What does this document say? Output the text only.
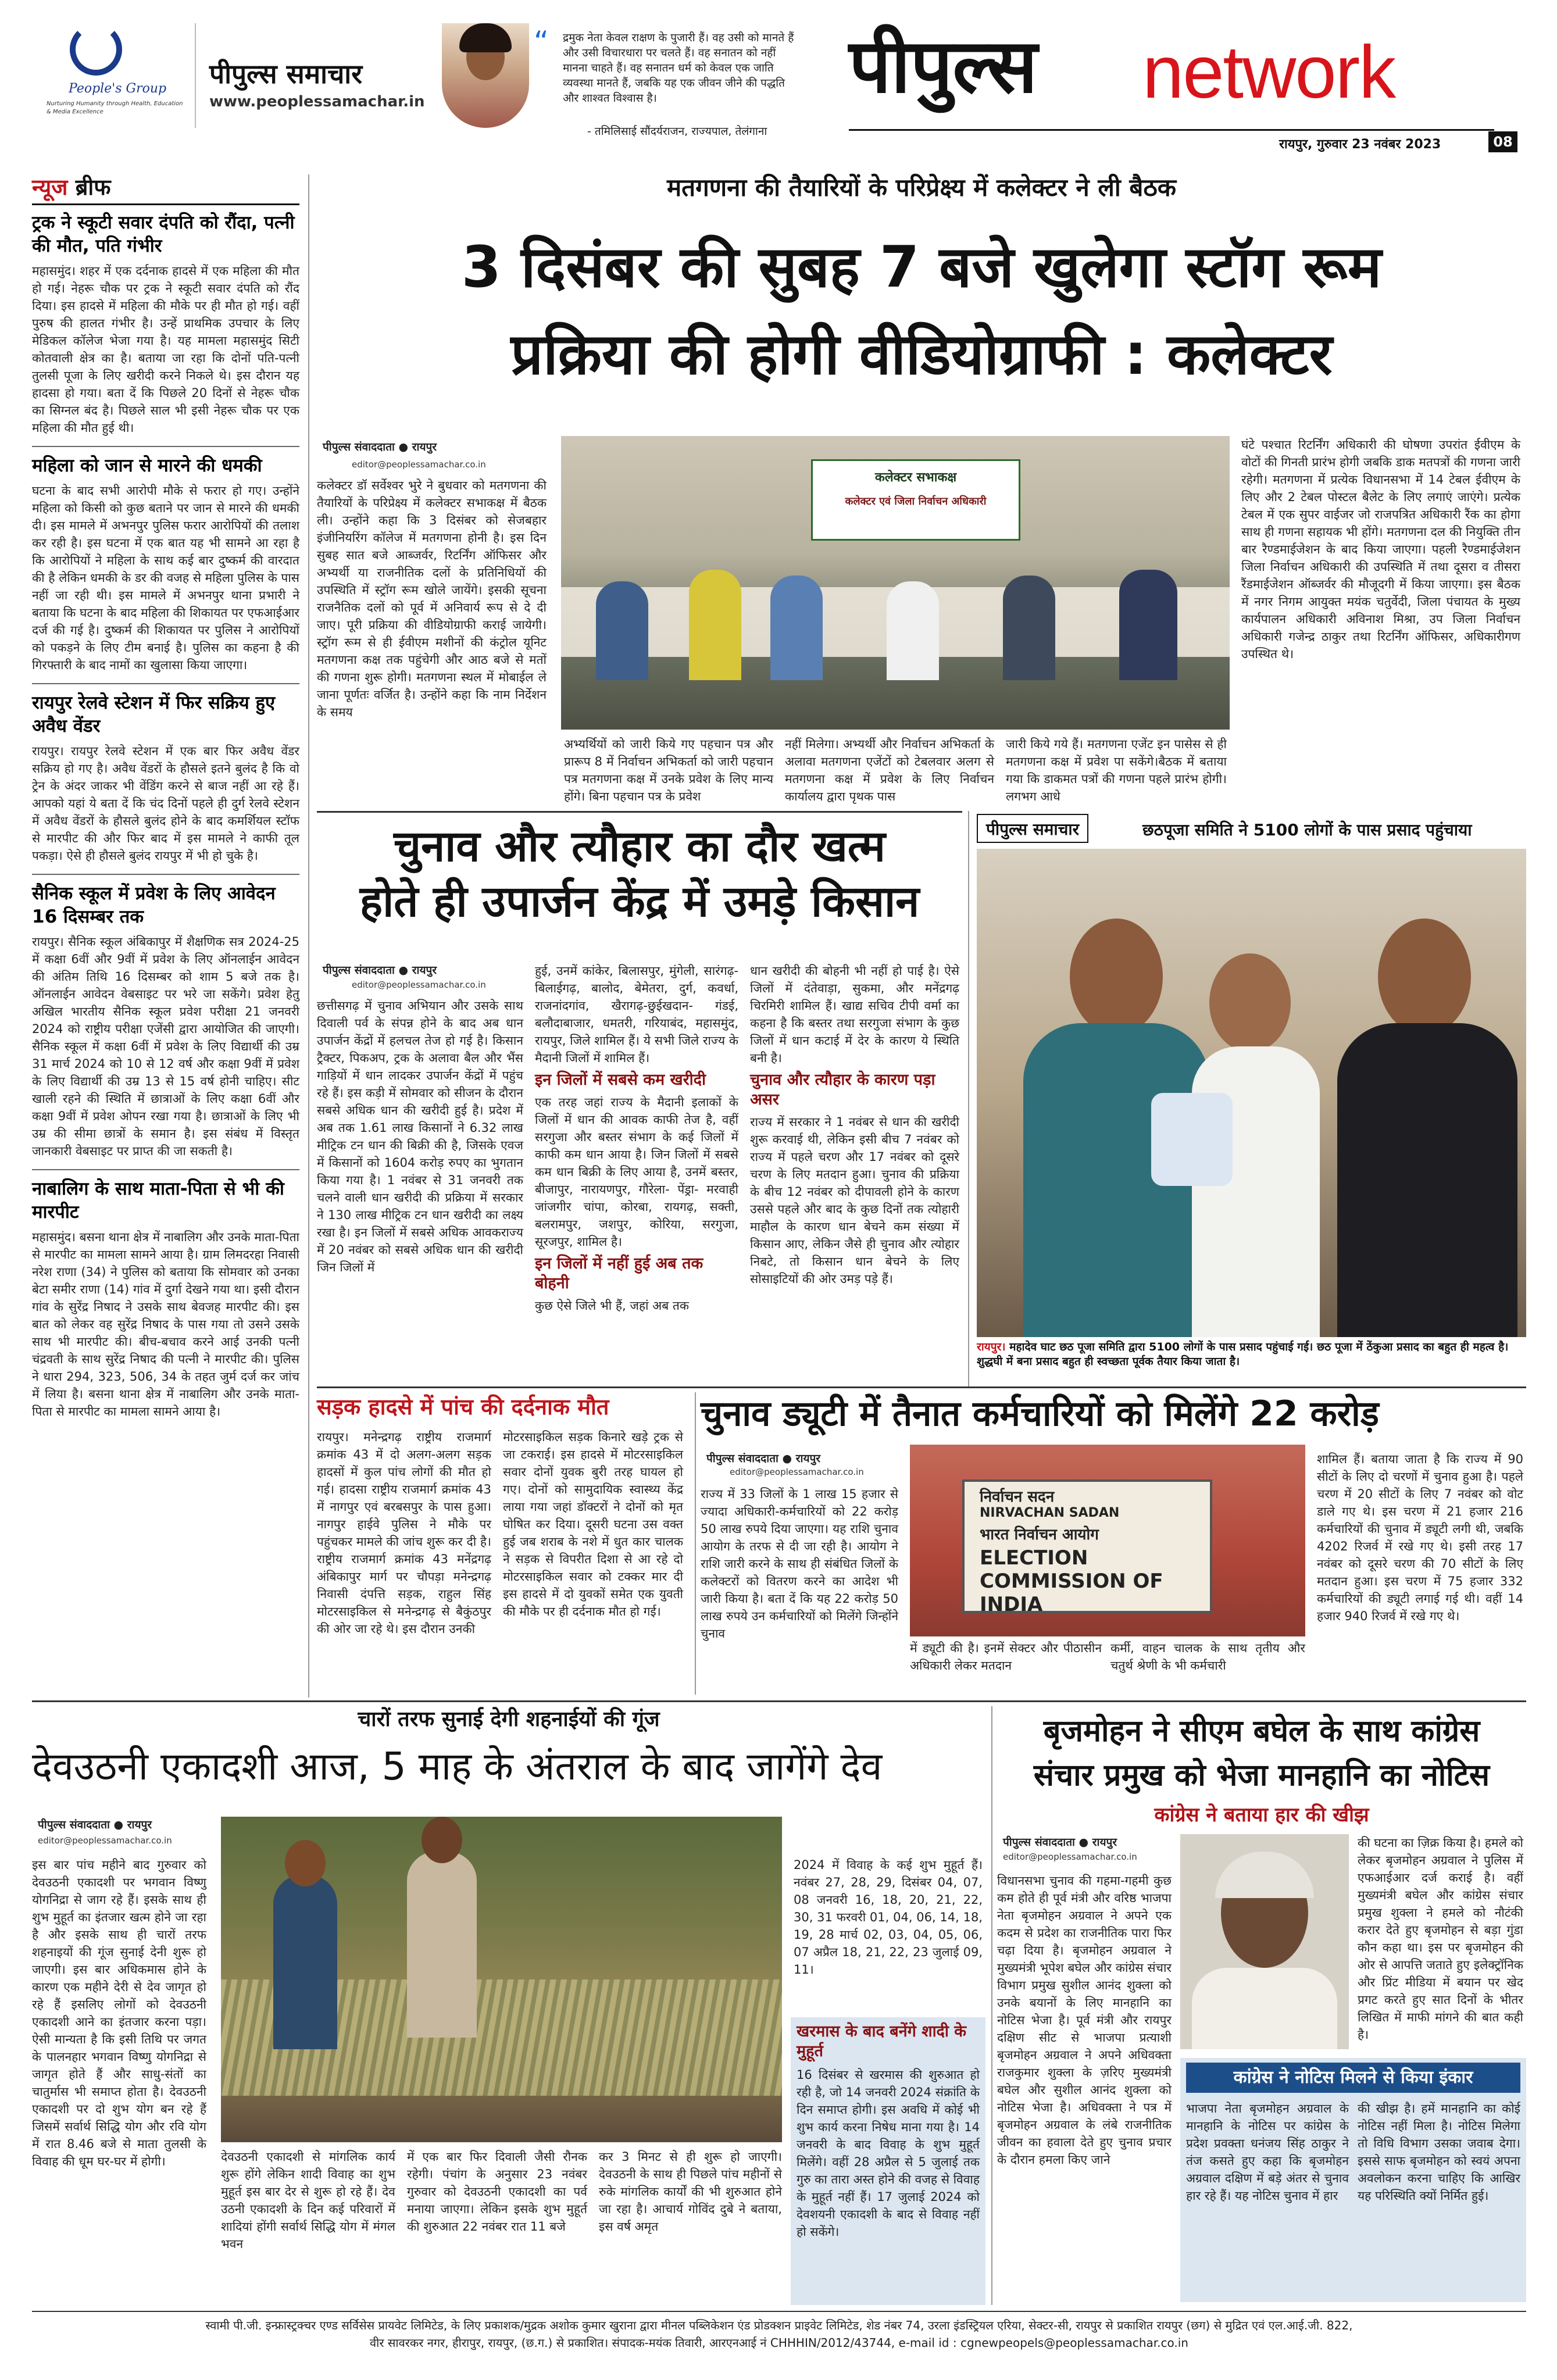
People's Group
Nurturing Humanity through Health, Education & Media Excellence
पीपुल्स समाचार
www.peoplessamachar.in
“ द्रमुक नेता केवल राक्षण के पुजारी हैं। वह उसी को मानते हैं और उसी विचारधारा पर चलते हैं। वह सनातन को नहीं मानना चाहते हैं। वह सनातन धर्म को केवल एक जाति व्यवस्था मानते हैं, जबकि यह एक जीवन जीने की पद्धति और शाश्वत विश्वास है।
- तमिलिसाई सौंदर्यराजन, राज्यपाल, तेलंगाना
पीपुल्स network
रायपुर, गुरुवार 23 नवंबर 2023	08
न्यूज ब्रीफ
ट्रक ने स्कूटी सवार दंपति को रौंदा, पत्नी की मौत, पति गंभीर
महासमुंद। शहर में एक दर्दनाक हादसे में एक महिला की मौत हो गई। नेहरू चौक पर ट्रक ने स्कूटी सवार दंपति को रौंद दिया। इस हादसे में महिला की मौके पर ही मौत हो गई। वहीं पुरुष की हालत गंभीर है। उन्हें प्राथमिक उपचार के लिए मेडिकल कॉलेज भेजा गया है। यह मामला महासमुंद सिटी कोतवाली क्षेत्र का है। बताया जा रहा कि दोनों पति-पत्नी तुलसी पूजा के लिए खरीदी करने निकले थे। इस दौरान यह हादसा हो गया। बता दें कि पिछले 20 दिनों से नेहरू चौक का सिग्नल बंद है। पिछले साल भी इसी नेहरू चौक पर एक महिला की मौत हुई थी।
महिला को जान से मारने की धमकी
घटना के बाद सभी आरोपी मौके से फरार हो गए। उन्होंने महिला को किसी को कुछ बताने पर जान से मारने की धमकी दी। इस मामले में अभनपुर पुलिस फरार आरोपियों की तलाश कर रही है। इस घटना में एक बात यह भी सामने आ रहा है कि आरोपियों ने महिला के साथ कई बार दुष्कर्म की वारदात की है लेकिन धमकी के डर की वजह से महिला पुलिस के पास नहीं जा रही थी। इस मामले में अभनपुर थाना प्रभारी ने बताया कि घटना के बाद महिला की शिकायत पर एफआईआर दर्ज की गई है। दुष्कर्म की शिकायत पर पुलिस ने आरोपियों को पकड़ने के लिए टीम बनाई है। पुलिस का कहना है की गिरफ्तारी के बाद नामों का खुलासा किया जाएगा।
रायपुर रेलवे स्टेशन में फिर सक्रिय हुए अवैध वेंडर
रायपुर। रायपुर रेलवे स्टेशन में एक बार फिर अवैध वेंडर सक्रिय हो गए है। अवैध वेंडरों के हौसले इतने बुलंद है कि वो ट्रेन के अंदर जाकर भी वेंडिंग करने से बाज नहीं आ रहे हैं। आपको यहां ये बता दें कि चंद दिनों पहले ही दुर्ग रेलवे स्टेशन में अवैध वेंडरों के हौसले बुलंद होने के बाद कमर्शियल स्टॉफ से मारपीट की और फिर बाद में इस मामले ने काफी तूल पकड़ा। ऐसे ही हौसले बुलंद रायपुर में भी हो चुके है।
सैनिक स्कूल में प्रवेश के लिए आवेदन 16 दिसम्बर तक
रायपुर। सैनिक स्कूल अंबिकापुर में शैक्षणिक सत्र 2024-25 में कक्षा 6वीं और 9वीं में प्रवेश के लिए ऑनलाईन आवेदन की अंतिम तिथि 16 दिसम्बर को शाम 5 बजे तक है। ऑनलाईन आवेदन वेबसाइट पर भरे जा सकेंगे। प्रवेश हेतु अखिल भारतीय सैनिक स्कूल प्रवेश परीक्षा 21 जनवरी 2024 को राष्ट्रीय परीक्षा एजेंसी द्वारा आयोजित की जाएगी। सैनिक स्कूल में कक्षा 6वीं में प्रवेश के लिए विद्यार्थी की उम्र 31 मार्च 2024 को 10 से 12 वर्ष और कक्षा 9वीं में प्रवेश के लिए विद्यार्थी की उम्र 13 से 15 वर्ष होनी चाहिए। सीट खाली रहने की स्थिति में छात्राओं के लिए कक्षा 6वीं और कक्षा 9वीं में प्रवेश ओपन रखा गया है। छात्राओं के लिए भी उम्र की सीमा छात्रों के समान है। इस संबंध में विस्तृत जानकारी वेबसाइट पर प्राप्त की जा सकती है।
नाबालिग के साथ माता-पिता से भी की मारपीट
महासमुंद। बसना थाना क्षेत्र में नाबालिग और उनके माता-पिता से मारपीट का मामला सामने आया है। ग्राम लिमदरहा निवासी नरेश राणा (34) ने पुलिस को बताया कि सोमवार को उनका बेटा समीर राणा (14) गांव में दुर्गा देखने गया था। इसी दौरान गांव के सुरेंद्र निषाद ने उसके साथ बेवजह मारपीट की। इस बात को लेकर वह सुरेंद्र निषाद के पास गया तो उसने उसके साथ भी मारपीट की। बीच-बचाव करने आई उनकी पत्नी चंद्रवती के साथ सुरेंद्र निषाद की पत्नी ने मारपीट की। पुलिस ने धारा 294, 323, 506, 34 के तहत जुर्म दर्ज कर जांच में लिया है। बसना थाना क्षेत्र में नाबालिग और उनके माता-पिता से मारपीट का मामला सामने आया है।
मतगणना की तैयारियों के परिप्रेक्ष्य में कलेक्टर ने ली बैठक
3 दिसंबर की सुबह 7 बजे खुलेगा स्टॉग रूम
प्रक्रिया की होगी वीडियोग्राफी : कलेक्टर
पीपुल्स संवाददाता ● रायपुर
editor@peoplessamachar.co.in
कलेक्टर डॉ सर्वेश्वर भुरे ने बुधवार को मतगणना की तैयारियों के परिप्रेक्ष्य में कलेक्टर सभाकक्ष में बैठक ली। उन्होंने कहा कि 3 दिसंबर को सेजबहार इंजीनियरिंग कॉलेज में मतगणना होनी है। इस दिन सुबह सात बजे आब्जर्वर, रिटर्निंग ऑफिसर और अभ्यर्थी या राजनीतिक दलों के प्रतिनिधियों की उपस्थिति में स्ट्रॉग रूम खोले जायेंगे। इसकी सूचना राजनैतिक दलों को पूर्व में अनिवार्य रूप से दे दी जाए। पूरी प्रक्रिया की वीडियोग्राफी कराई जायेगी। स्ट्रॉग रूम से ही ईवीएम मशीनों की कंट्रोल यूनिट मतगणना कक्ष तक पहुंचेगी और आठ बजे से मतों की गणना शुरू होगी। मतगणना स्थल में मोबाईल ले जाना पूर्णतः वर्जित है। उन्होंने कहा कि नाम निर्देशन के समय
कलेक्टर सभाकक्ष
कलेक्टर एवं जिला निर्वाचन अधिकारी
अभ्यर्थियों को जारी किये गए पहचान पत्र और प्रारूप 8 में निर्वाचन अभिकर्ता को जारी पहचान पत्र मतगणना कक्ष में उनके प्रवेश के लिए मान्य होंगे। बिना पहचान पत्र के प्रवेश
नहीं मिलेगा। अभ्यर्थी और निर्वाचन अभिकर्ता के अलावा मतगणना एजेंटों को टेबलवार अलग से मतगणना कक्ष में प्रवेश के लिए निर्वाचन कार्यालय द्वारा पृथक पास
जारी किये गये हैं। मतगणना एजेंट इन पासेस से ही मतगणना कक्ष में प्रवेश पा सकेंगे।बैठक में बताया गया कि डाकमत पत्रों की गणना पहले प्रारंभ होगी। लगभग आधे
घंटे पश्चात रिटर्निंग अधिकारी की घोषणा उपरांत ईवीएम के वोटों की गिनती प्रारंभ होगी जबकि डाक मतपत्रों की गणना जारी रहेगी। मतगणना में प्रत्येक विधानसभा में 14 टेबल ईवीएम के लिए और 2 टेबल पोस्टल बैलेट के लिए लगाएं जाएंगे। प्रत्येक टेबल में एक सुपर वाईजर जो राजपत्रित अधिकारी रैंक का होगा साथ ही गणना सहायक भी होंगे। मतगणना दल की नियुक्ति तीन बार रैण्डमाईजेशन के बाद किया जाएगा। पहली रैण्डमाईजेशन जिला निर्वाचन अधिकारी की उपस्थिति में तथा दूसरा व तीसरा रैंडमाईजेशन ऑब्जर्वर की मौजूदगी में किया जाएगा। इस बैठक में नगर निगम आयुक्त मयंक चतुर्वेदी, जिला पंचायत के मुख्य कार्यपालन अधिकारी अविनाश मिश्रा, उप जिला निर्वाचन अधिकारी गजेन्द्र ठाकुर तथा रिटर्निंग ऑफिसर, अधिकारीगण उपस्थित थे।
चुनाव और त्यौहार का दौर खत्म
होते ही उपार्जन केंद्र में उमड़े किसान
पीपुल्स संवाददाता ● रायपुर
editor@peoplessamachar.co.in
छत्तीसगढ़ में चुनाव अभियान और उसके साथ दिवाली पर्व के संपन्न होने के बाद अब धान उपार्जन केंद्रों में हलचल तेज हो गई है। किसान ट्रैक्टर, पिकअप, ट्रक के अलावा बैल और भैंस गाड़ियों में धान लादकर उपार्जन केंद्रों में पहुंच रहे हैं। इस कड़ी में सोमवार को सीजन के दौरान सबसे अधिक धान की खरीदी हुई है। प्रदेश में अब तक 1.61 लाख किसानों ने 6.32 लाख मीट्रिक टन धान की बिक्री की है, जिसके एवज में किसानों को 1604 करोड़ रुपए का भुगतान किया गया है। 1 नवंबर से 31 जनवरी तक चलने वाली धान खरीदी की प्रक्रिया में सरकार ने 130 लाख मीट्रिक टन धान खरीदी का लक्ष्य रखा है। इन जिलों में सबसे अधिक आवकराज्य में 20 नवंबर को सबसे अधिक धान की खरीदी जिन जिलों में
हुई, उनमें कांकेर, बिलासपुर, मुंगेली, सारंगढ़-बिलाईगढ़, बालोद, बेमेतरा, दुर्ग, कवर्धा, राजनांदगांव, खैरागढ़-छुईखदान- गंडई, बलौदाबाजार, धमतरी, गरियाबंद, महासमुंद, रायपुर, जिले शामिल हैं। ये सभी जिले राज्य के मैदानी जिलों में शामिल हैं।
इन जिलों में सबसे कम खरीदी
एक तरह जहां राज्य के मैदानी इलाकों के जिलों में धान की आवक काफी तेज है, वहीं सरगुजा और बस्तर संभाग के कई जिलों में काफी कम धान आया है। जिन जिलों में सबसे कम धान बिक्री के लिए आया है, उनमें बस्तर, बीजापुर, नारायणपुर, गौरेला- पेंड्रा- मरवाही जांजगीर चांपा, कोरबा, रायगढ़, सक्ती, बलरामपुर, जशपुर, कोरिया, सरगुजा, सूरजपुर, शामिल है।
इन जिलों में नहीं हुई अब तक बोहनी
कुछ ऐसे जिले भी हैं, जहां अब तक
धान खरीदी की बोहनी भी नहीं हो पाई है। ऐसे जिलों में दंतेवाड़ा, सुकमा, और मनेंद्रगढ़ चिरमिरी शामिल हैं। खाद्य सचिव टीपी वर्मा का कहना है कि बस्तर तथा सरगुजा संभाग के कुछ जिलों में धान कटाई में देर के कारण ये स्थिति बनी है।
चुनाव और त्यौहार के कारण पड़ा असर
राज्य में सरकार ने 1 नवंबर से धान की खरीदी शुरू करवाई थी, लेकिन इसी बीच 7 नवंबर को राज्य में पहले चरण और 17 नवंबर को दूसरे चरण के लिए मतदान हुआ। चुनाव की प्रक्रिया के बीच 12 नवंबर को दीपावली होने के कारण उससे पहले और बाद के कुछ दिनों तक त्योहारी माहौल के कारण धान बेचने कम संख्या में किसान आए, लेकिन जैसे ही चुनाव और त्योहार निबटे, तो किसान धान बेचने के लिए सोसाइटियों की ओर उमड़ पड़े हैं।
पीपुल्स समाचार	छठपूजा समिति ने 5100 लोगों के पास प्रसाद पहुंचाया
रायपुर। महादेव घाट छठ पूजा समिति द्वारा 5100 लोगों के पास प्रसाद पहुंचाई गई। छठ पूजा में ठेंकुआ प्रसाद का बहुत ही महत्व है। शुद्धघी में बना प्रसाद बहुत ही स्वच्छता पूर्वक तैयार किया जाता है।
सड़क हादसे में पांच की दर्दनाक मौत
रायपुर। मनेन्द्रगढ़ राष्ट्रीय राजमार्ग क्रमांक 43 में दो अलग-अलग सड़क हादसों में कुल पांच लोगों की मौत हो गई। हादसा राष्ट्रीय राजमार्ग क्रमांक 43 में नागपुर एवं बरबसपुर के पास हुआ। नागपुर हाईवे पुलिस ने मौके पर पहुंचकर मामले की जांच शुरू कर दी है। राष्ट्रीय राजमार्ग क्रमांक 43 मनेंद्रगढ़ अंबिकापुर मार्ग पर चौपड़ा मनेन्द्रगढ़ निवासी दंपत्ति सड़क, राहुल सिंह मोटरसाइकिल से मनेन्द्रगढ़ से बैकुंठपुर की ओर जा रहे थे। इस दौरान उनकी
मोटरसाइकिल सड़क किनारे खड़े ट्रक से जा टकराई। इस हादसे में मोटरसाइकिल सवार दोनों युवक बुरी तरह घायल हो गए। दोनों को सामुदायिक स्वास्थ्य केंद्र लाया गया जहां डॉक्टरों ने दोनों को मृत घोषित कर दिया। दूसरी घटना उस वक्त हुई जब शराब के नशे में धुत कार चालक ने सड़क से विपरीत दिशा से आ रहे दो मोटरसाइकिल सवार को टक्कर मार दी इस हादसे में दो युवकों समेत एक युवती की मौके पर ही दर्दनाक मौत हो गई।
चुनाव ड्यूटी में तैनात कर्मचारियों को मिलेंगे 22 करोड़
पीपुल्स संवाददाता ● रायपुर
editor@peoplessamachar.co.in
राज्य में 33 जिलों के 1 लाख 15 हजार से ज्यादा अधिकारी-कर्मचारियों को 22 करोड़ 50 लाख रुपये दिया जाएगा। यह राशि चुनाव आयोग के तरफ से दी जा रही है। आयोग ने राशि जारी करने के साथ ही संबंधित जिलों के कलेक्टरों को वितरण करने का आदेश भी जारी किया है। बता दें कि यह 22 करोड़ 50 लाख रुपये उन कर्मचारियों को मिलेंगे जिन्होंने चुनाव
निर्वाचन सदन
NIRVACHAN SADAN
भारत निर्वाचन आयोग
ELECTION COMMISSION OF INDIA
में ड्यूटी की है। इनमें सेक्टर और पीठासीन अधिकारी लेकर मतदान
कर्मी, वाहन चालक के साथ तृतीय और चतुर्थ श्रेणी के भी कर्मचारी
शामिल हैं। बताया जाता है कि राज्य में 90 सीटों के लिए दो चरणों में चुनाव हुआ है। पहले चरण में 20 सीटों के लिए 7 नवंबर को वोट डाले गए थे। इस चरण में 21 हजार 216 कर्मचारियों की चुनाव में ड्यूटी लगी थी, जबकि 4202 रिजर्व में रखे गए थे। इसी तरह 17 नवंबर को दूसरे चरण की 70 सीटों के लिए मतदान हुआ। इस चरण में 75 हजार 332 कर्मचारियों की ड्यूटी लगाई गई थी। वहीं 14 हजार 940 रिजर्व में रखे गए थे।
चारों तरफ सुनाई देगी शहनाईयों की गूंज
देवउठनी एकादशी आज, 5 माह के अंतराल के बाद जागेंगे देव
पीपुल्स संवाददाता ● रायपुर
editor@peoplessamachar.co.in
इस बार पांच महीने बाद गुरुवार को देवउठनी एकादशी पर भगवान विष्णु योगनिद्रा से जाग रहे हैं। इसके साथ ही शुभ मुहूर्त का इंतजार खत्म होने जा रहा है और इसके साथ ही चारों तरफ शहनाइयों की गूंज सुनाई देनी शुरू हो जाएगी। इस बार अधिकमास होने के कारण एक महीने देरी से देव जागृत हो रहे हैं इसलिए लोगों को देवउठनी एकादशी आने का इंतजार करना पड़ा। ऐसी मान्यता है कि इसी तिथि पर जगत के पालनहार भगवान विष्णु योगनिद्रा से जागृत होते हैं और साधु-संतों का चातुर्मास भी समाप्त होता है। देवउठनी एकादशी पर दो शुभ योग बन रहे हैं जिसमें सर्वार्थ सिद्धि योग और रवि योग में रात 8.46 बजे से माता तुलसी के विवाह की धूम घर-घर में होगी।	देवउठनी एकादशी से मांगलिक कार्य शुरू होंगे लेकिन शादी विवाह का शुभ मुहूर्त इस बार देर से शुरू हो रहे हैं। देव उठनी एकादशी के दिन कई परिवारों में शादियां होंगी सर्वार्थ सिद्धि योग में मंगल भवन
में एक बार फिर दिवाली जैसी रौनक रहेगी। पंचांग के अनुसार 23 नवंबर गुरुवार को देवउठनी एकादशी का पर्व मनाया जाएगा। लेकिन इसके शुभ मुहूर्त की शुरुआत 22 नवंबर रात 11 बजे
कर 3 मिनट से ही शुरू हो जाएगी। देवउठनी के साथ ही पिछले पांच महीनों से रुके मांगलिक कार्यों की भी शुरुआत होने जा रहा है। आचार्य गोविंद दुबे ने बताया, इस वर्ष अमृत
2024 में विवाह के कई शुभ मुहूर्त हैं। नवंबर 27, 28, 29, दिसंबर 04, 07, 08 जनवरी 16, 18, 20, 21, 22, 30, 31 फरवरी 01, 04, 06, 14, 18, 19, 28 मार्च 02, 03, 04, 05, 06, 07 अप्रैल 18, 21, 22, 23 जुलाई 09, 11।
खरमास के बाद बनेंगे शादी के मुहूर्त
16 दिसंबर से खरमास की शुरुआत हो रही है, जो 14 जनवरी 2024 संक्रांति के दिन समाप्त होगी। इस अवधि में कोई भी शुभ कार्य करना निषेध माना गया है। 14 जनवरी के बाद विवाह के शुभ मुहूर्त मिलेंगे। वहीं 28 अप्रैल से 5 जुलाई तक गुरु का तारा अस्त होने की वजह से विवाह के मुहूर्त नहीं हैं। 17 जुलाई 2024 को देवशयनी एकादशी के बाद से विवाह नहीं हो सकेंगे।
बृजमोहन ने सीएम बघेल के साथ कांग्रेस
संचार प्रमुख को भेजा मानहानि का नोटिस
कांग्रेस ने बताया हार की खीझ
पीपुल्स संवाददाता ● रायपुर
editor@peoplessamachar.co.in
विधानसभा चुनाव की गहमा-गहमी कुछ कम होते ही पूर्व मंत्री और वरिष्ठ भाजपा नेता बृजमोहन अग्रवाल ने अपने एक कदम से प्रदेश का राजनीतिक पारा फिर चढ़ा दिया है। बृजमोहन अग्रवाल ने मुख्यमंत्री भूपेश बघेल और कांग्रेस संचार विभाग प्रमुख सुशील आनंद शुक्ला को उनके बयानों के लिए मानहानि का नोटिस भेजा है। पूर्व मंत्री और रायपुर दक्षिण सीट से भाजपा प्रत्याशी बृजमोहन अग्रवाल ने अपने अधिवक्ता राजकुमार शुक्ला के ज़रिए मुख्यमंत्री बघेल और सुशील आनंद शुक्ला को नोटिस भेजा है। अधिवक्ता ने पत्र में बृजमोहन अग्रवाल के लंबे राजनीतिक जीवन का हवाला देते हुए चुनाव प्रचार के दौरान हमला किए जाने
की घटना का ज़िक्र किया है। हमले को लेकर बृजमोहन अग्रवाल ने पुलिस में एफआईआर दर्ज कराई है। वहीं मुख्यमंत्री बघेल और कांग्रेस संचार प्रमुख शुक्ला ने हमले को नौटंकी करार देते हुए बृजमोहन से बड़ा गुंडा कौन कहा था। इस पर बृजमोहन की ओर से आपत्ति जताते हुए इलेक्ट्रॉनिक और प्रिंट मीडिया में बयान पर खेद प्रगट करते हुए सात दिनों के भीतर लिखित में माफी मांगने की बात कही है।
कांग्रेस ने नोटिस मिलने से किया इंकार
भाजपा नेता बृजमोहन अग्रवाल के मानहानि के नोटिस पर कांग्रेस के प्रदेश प्रवक्ता धनंजय सिंह ठाकुर ने तंज कसते हुए कहा कि बृजमोहन अग्रवाल दक्षिण में बड़े अंतर से चुनाव हार रहे हैं। यह नोटिस चुनाव में हार
की खीझ है। हमें मानहानि का कोई नोटिस नहीं मिला है। नोटिस मिलेगा तो विधि विभाग उसका जवाब देगा। इससे साफ बृजमोहन को स्वयं अपना अवलोकन करना चाहिए कि आखिर यह परिस्थिति क्यों निर्मित हुई।
स्वामी पी.जी. इन्फ्रास्ट्रक्चर एण्ड सर्विसेस प्रायवेट लिमिटेड, के लिए प्रकाशक/मुद्रक अशोक कुमार खुराना द्वारा मीनल पब्लिकेशन एंड प्रोडक्शन प्राइवेट लिमिटेड, शेड नंबर 74, उरला इंडस्ट्रियल एरिया, सेक्टर-सी, रायपुर से प्रकाशित रायपुर (छग) से मुद्रित एवं एल.आई.जी. 822,
वीर सावरकर नगर, हीरापुर, रायपुर, (छ.ग.) से प्रकाशित। संपादक-मयंक तिवारी, आरएनआई नं CHHHIN/2012/43744, e-mail id : cgnewpeopels@peoplessamachar.co.in
